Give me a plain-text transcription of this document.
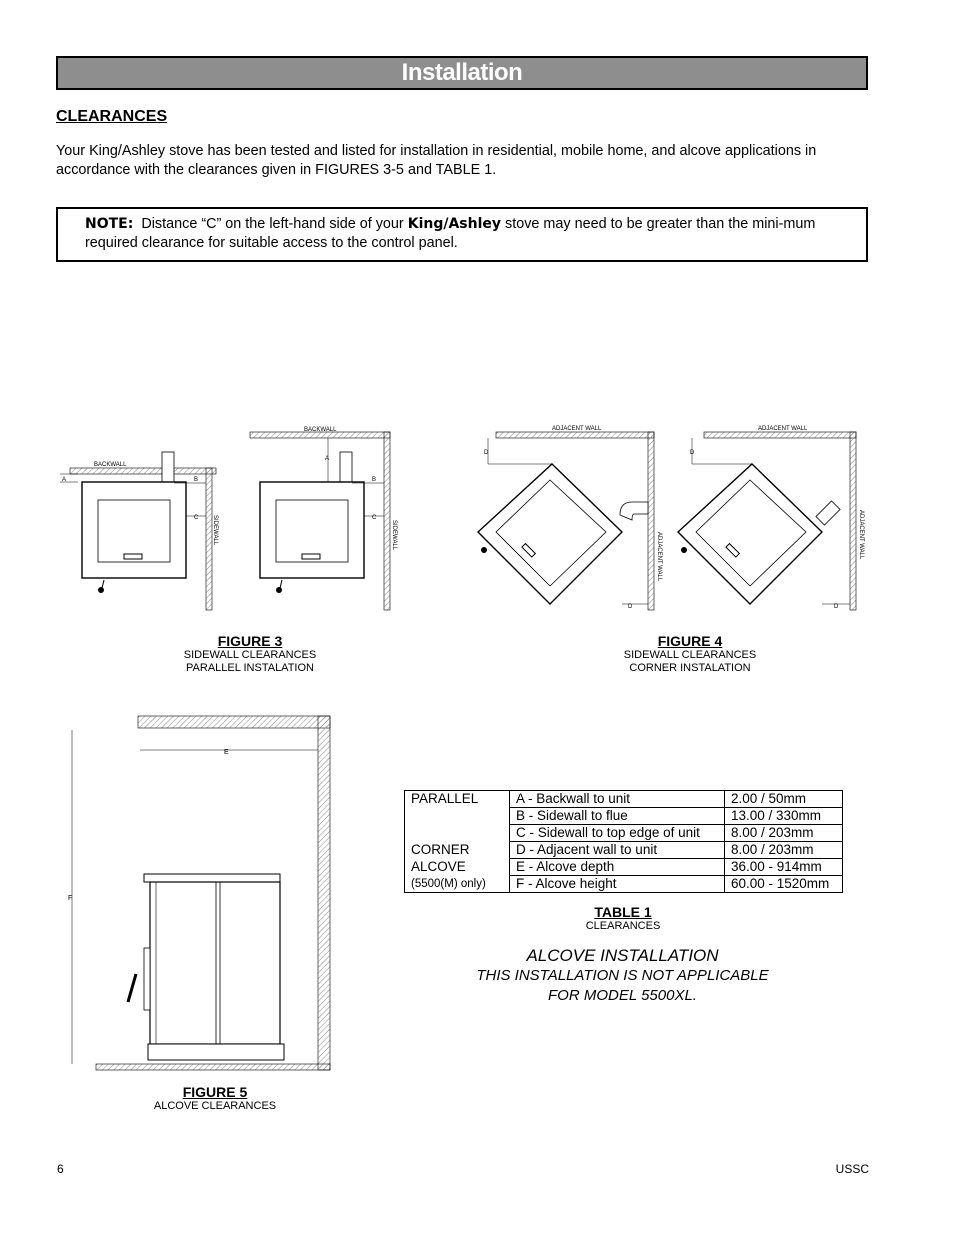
Installation
CLEARANCES
Your King/Ashley stove has been tested and listed for installation in residential, mobile home, and alcove applications in accordance with the clearances given in FIGURES 3-5 and TABLE 1.
NOTE: Distance “C” on the left-hand side of your King/Ashley stove may need to be greater than the mini-mum required clearance for suitable access to the control panel.
BACKWALL
SIDEWALL
A	B
C
BACKWALL
SIDEWALL
A
B
C
FIGURE 3
SIDEWALL CLEARANCES
PARALLEL INSTALATION
ADJACENT WALL
ADJACENT WALL
D
D
ADJACENT WALL
ADJACENT WALL
D
D
FIGURE 4
SIDEWALL CLEARANCES
CORNER INSTALATION
F
E
FIGURE 5
ALCOVE CLEARANCES
PARALLEL	A - Backwall to unit	2.00 / 50mm
	B - Sidewall to flue	13.00 / 330mm
	C - Sidewall to top edge of unit	8.00 / 203mm
CORNER	D - Adjacent wall to unit	8.00 / 203mm
ALCOVE	E - Alcove depth	36.00 - 914mm
(5500(M) only)	F - Alcove height	60.00 - 1520mm
TABLE 1
CLEARANCES
ALCOVE INSTALLATION
THIS INSTALLATION IS NOT APPLICABLE
FOR MODEL 5500XL.
6	USSC
